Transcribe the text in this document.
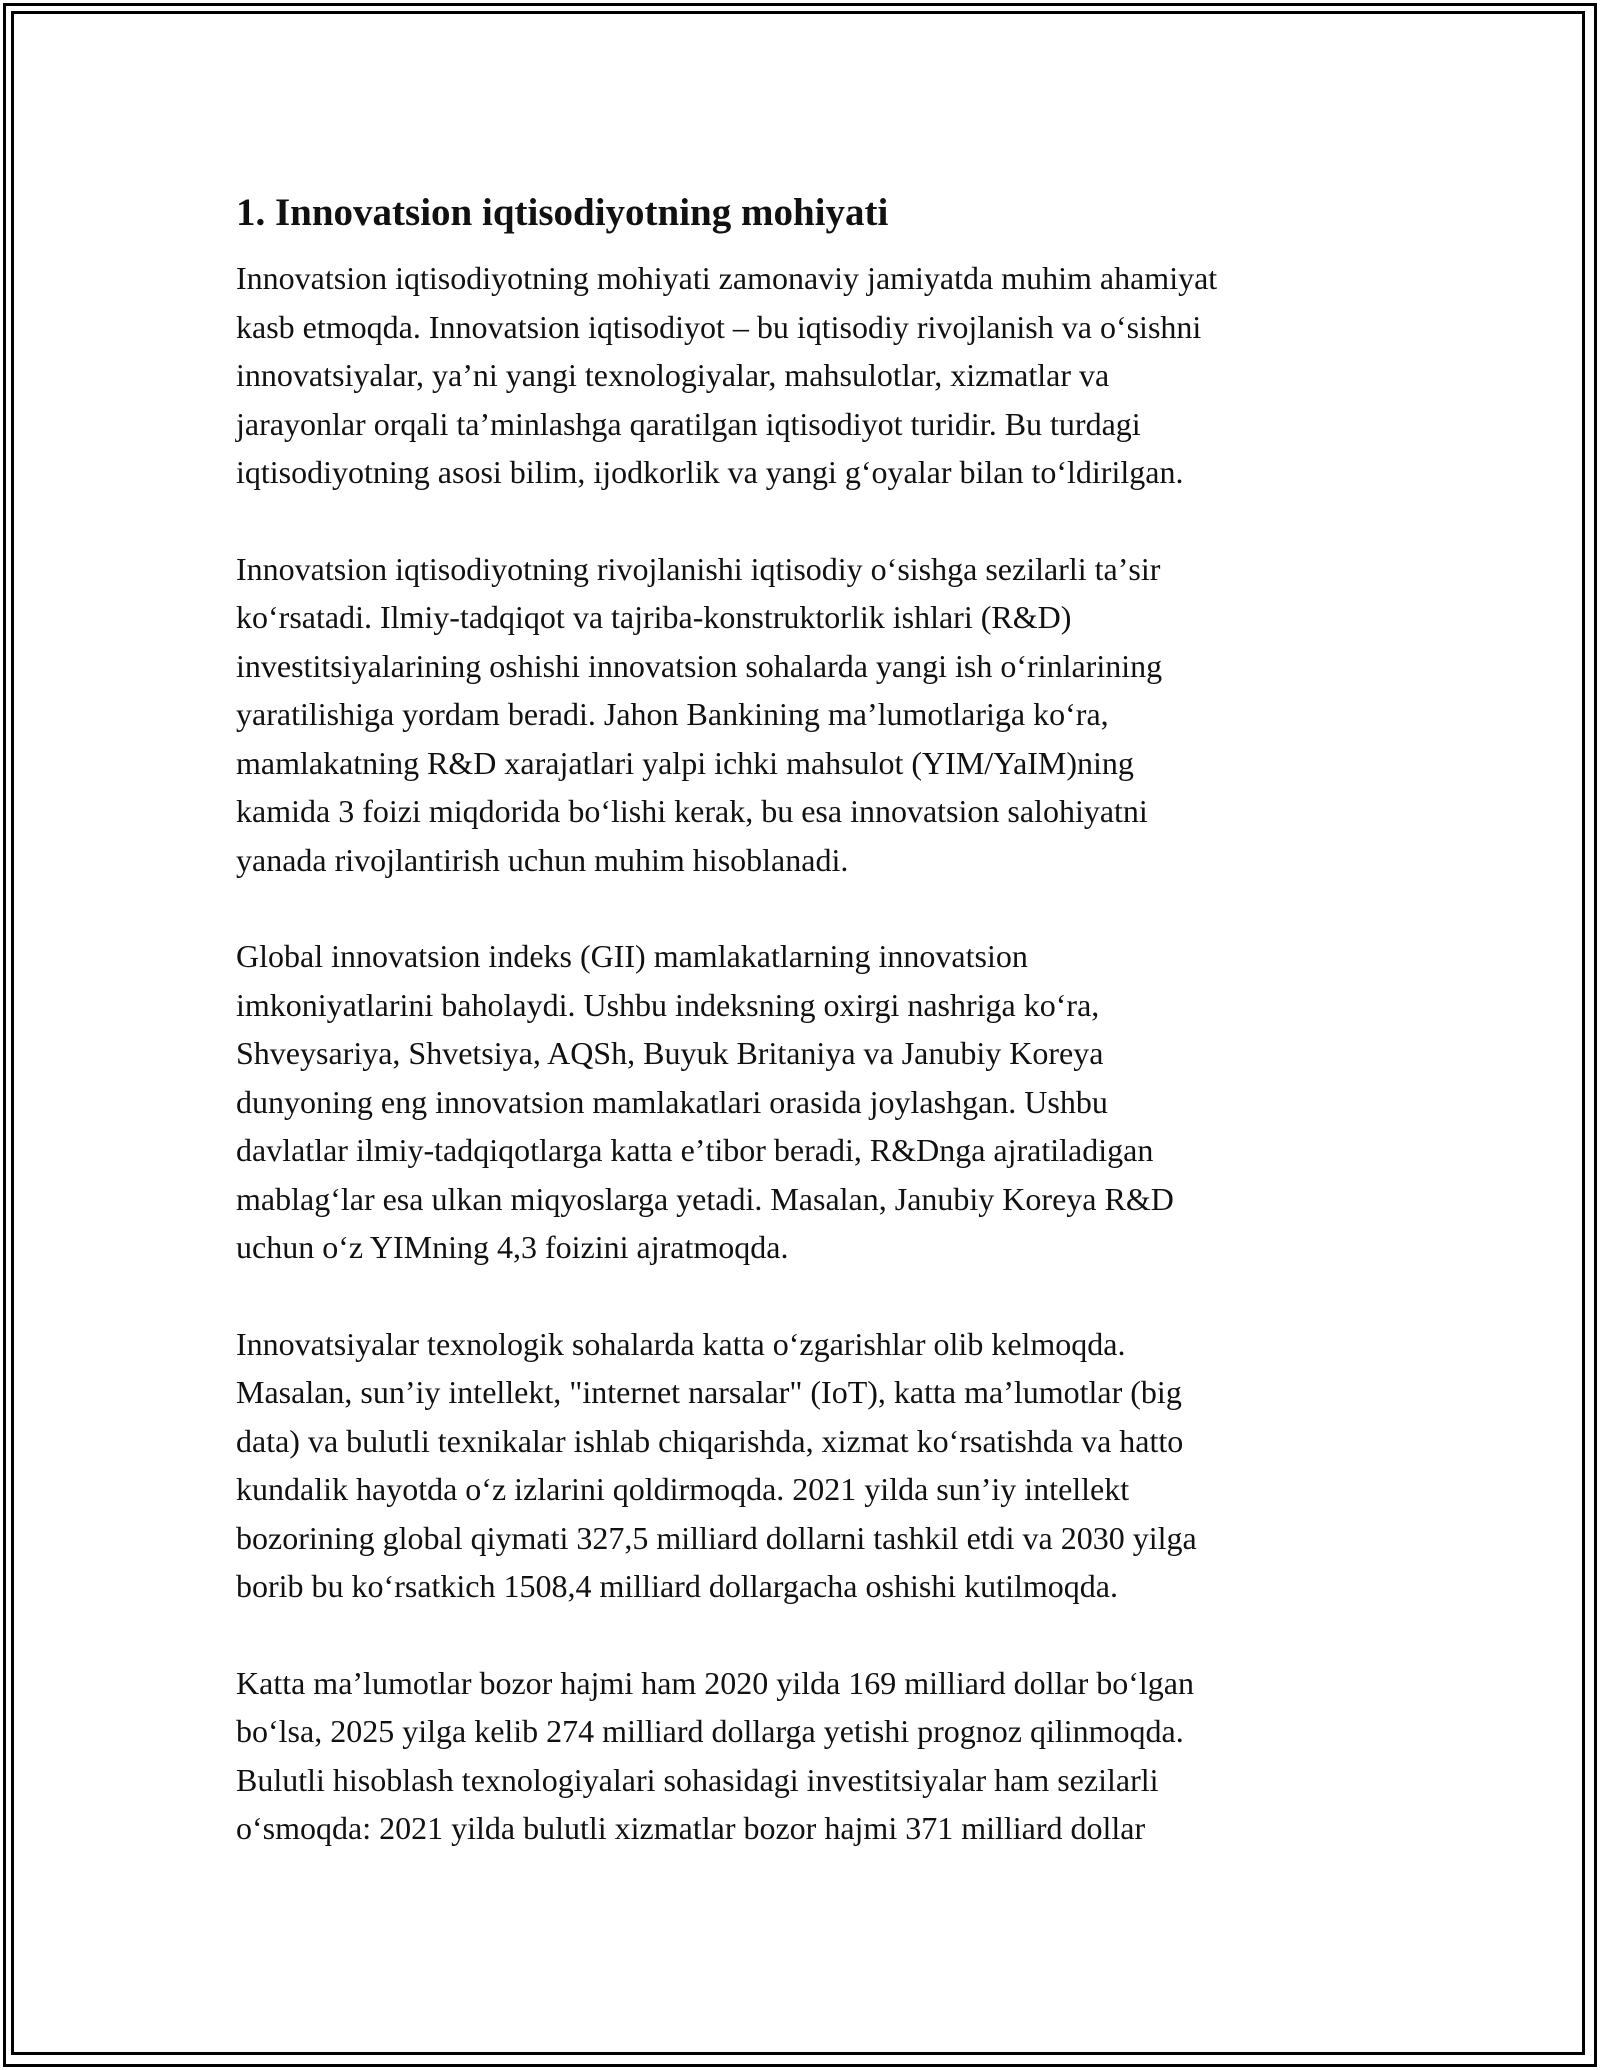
1. Innovatsion iqtisodiyotning mohiyati

Innovatsion iqtisodiyotning mohiyati zamonaviy jamiyatda muhim ahamiyat
kasb etmoqda. Innovatsion iqtisodiyot – bu iqtisodiy rivojlanish va oʻsishni
innovatsiyalar, yaʼni yangi texnologiyalar, mahsulotlar, xizmatlar va
jarayonlar orqali taʼminlashga qaratilgan iqtisodiyot turidir. Bu turdagi
iqtisodiyotning asosi bilim, ijodkorlik va yangi gʻoyalar bilan toʻldirilgan.

Innovatsion iqtisodiyotning rivojlanishi iqtisodiy oʻsishga sezilarli taʼsir
koʻrsatadi. Ilmiy-tadqiqot va tajriba-konstruktorlik ishlari (R&D)
investitsiyalarining oshishi innovatsion sohalarda yangi ish oʻrinlarining
yaratilishiga yordam beradi. Jahon Bankining maʼlumotlariga koʻra,
mamlakatning R&D xarajatlari yalpi ichki mahsulot (YIM/YaIM)ning
kamida 3 foizi miqdorida boʻlishi kerak, bu esa innovatsion salohiyatni
yanada rivojlantirish uchun muhim hisoblanadi.

Global innovatsion indeks (GII) mamlakatlarning innovatsion
imkoniyatlarini baholaydi. Ushbu indeksning oxirgi nashriga koʻra,
Shveysariya, Shvetsiya, AQSh, Buyuk Britaniya va Janubiy Koreya
dunyoning eng innovatsion mamlakatlari orasida joylashgan. Ushbu
davlatlar ilmiy-tadqiqotlarga katta eʼtibor beradi, R&Dnga ajratiladigan
mablagʻlar esa ulkan miqyoslarga yetadi. Masalan, Janubiy Koreya R&D
uchun oʻz YIMning 4,3 foizini ajratmoqda.

Innovatsiyalar texnologik sohalarda katta oʻzgarishlar olib kelmoqda.
Masalan, sunʼiy intellekt, "internet narsalar" (IoT), katta maʼlumotlar (big
data) va bulutli texnikalar ishlab chiqarishda, xizmat koʻrsatishda va hatto
kundalik hayotda oʻz izlarini qoldirmoqda. 2021 yilda sunʼiy intellekt
bozorining global qiymati 327,5 milliard dollarni tashkil etdi va 2030 yilga
borib bu koʻrsatkich 1508,4 milliard dollargacha oshishi kutilmoqda.

Katta maʼlumotlar bozor hajmi ham 2020 yilda 169 milliard dollar boʻlgan
boʻlsa, 2025 yilga kelib 274 milliard dollarga yetishi prognoz qilinmoqda.
Bulutli hisoblash texnologiyalari sohasidagi investitsiyalar ham sezilarli
oʻsmoqda: 2021 yilda bulutli xizmatlar bozor hajmi 371 milliard dollar
